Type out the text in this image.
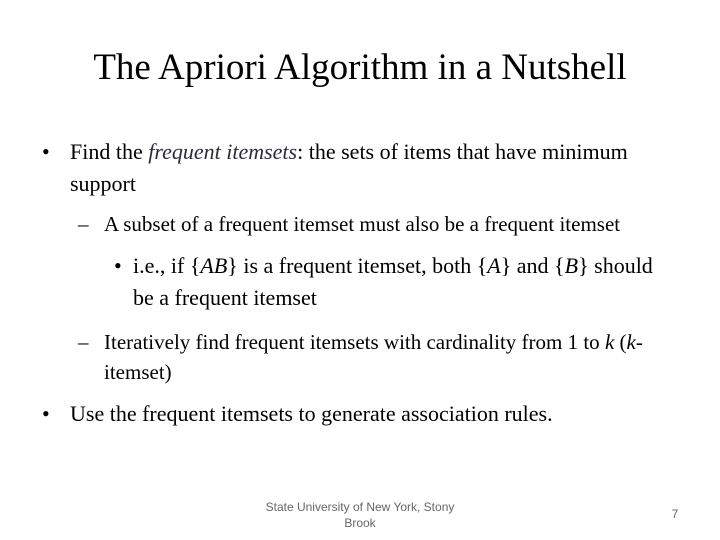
The Apriori Algorithm in a Nutshell
• Find the frequent itemsets: the sets of items that have minimum support

– A subset of a frequent itemset must also be a frequent itemset

• i.e., if {AB} is a frequent itemset, both {A} and {B} should be a frequent itemset

– Iteratively find frequent itemsets with cardinality from 1 to k (k-itemset)

• Use the frequent itemsets to generate association rules.

State University of New York, Stony Brook
7
